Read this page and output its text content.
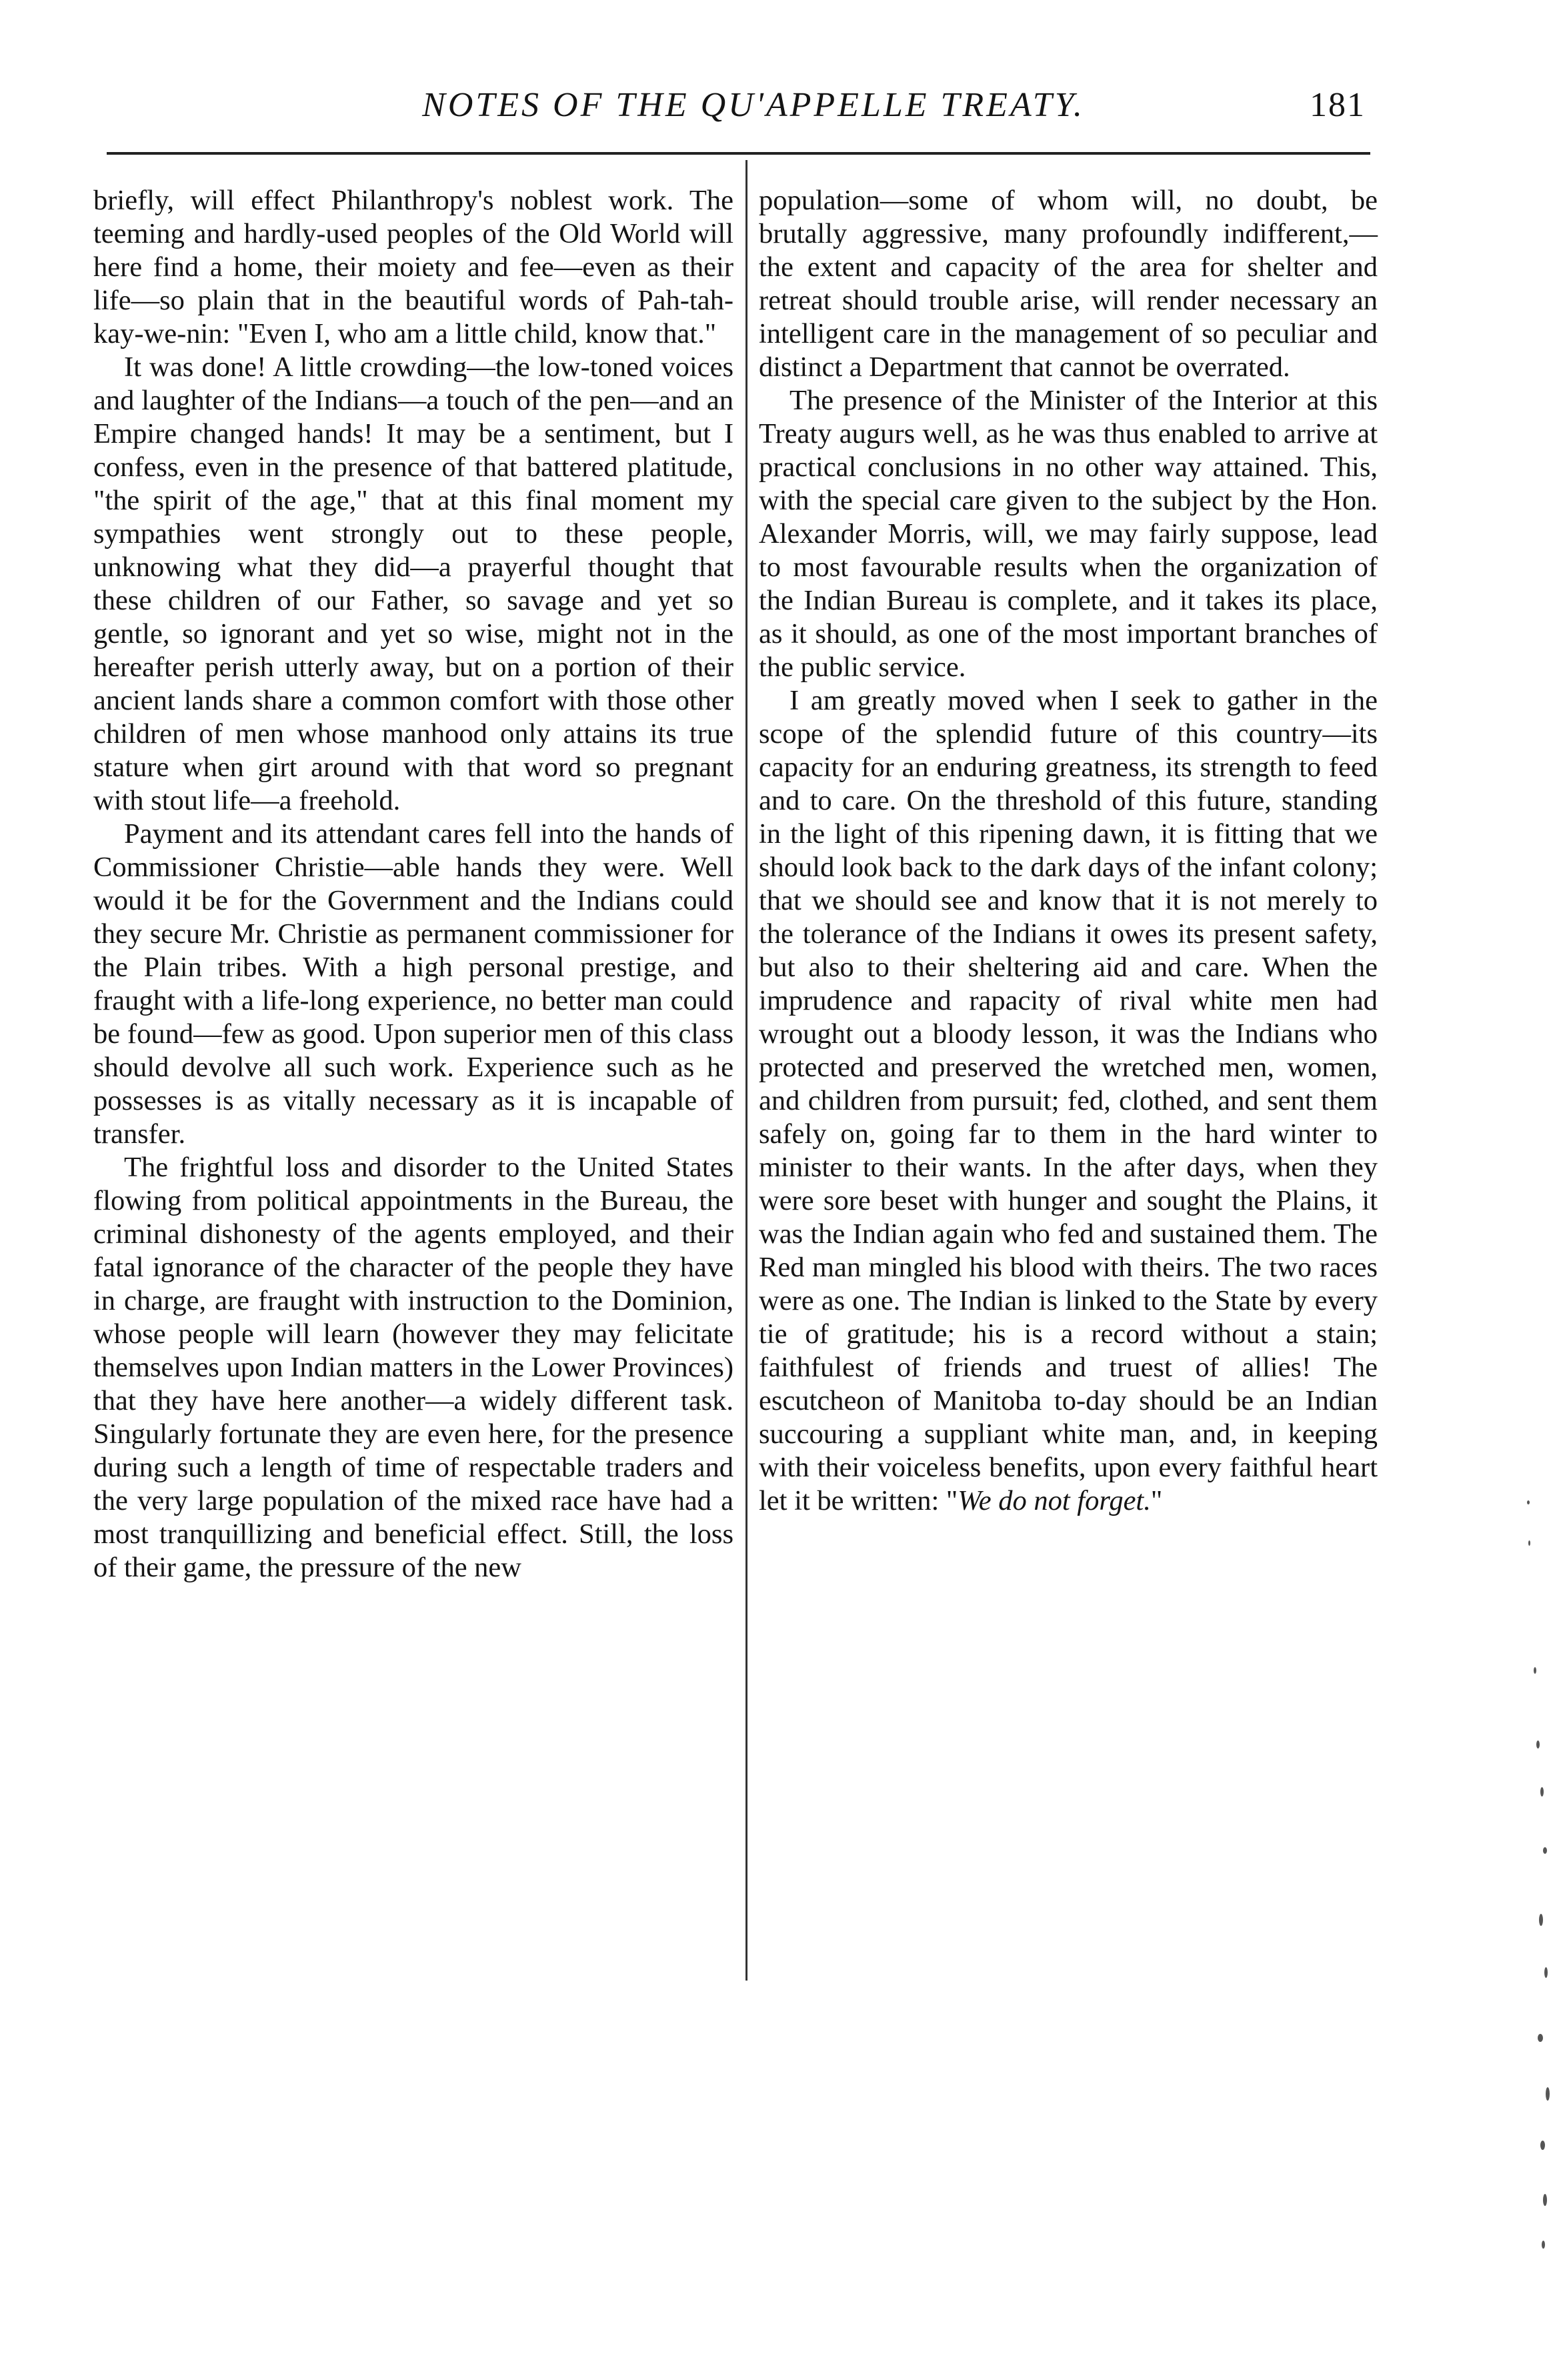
NOTES OF THE QU'APPELLE TREATY.	181

briefly, will effect Philanthropy's noblest work. The teeming and hardly-used peoples of the Old World will here find a home, their moiety and fee—even as their life—so plain that in the beautiful words of Pah-tah-kay-we-nin: "Even I, who am a little child, know that."

It was done! A little crowding—the low-toned voices and laughter of the Indians—a touch of the pen—and an Empire changed hands! It may be a sentiment, but I confess, even in the presence of that battered platitude, "the spirit of the age," that at this final moment my sympathies went strongly out to these people, unknowing what they did—a prayerful thought that these children of our Father, so savage and yet so gentle, so ignorant and yet so wise, might not in the hereafter perish utterly away, but on a portion of their ancient lands share a common comfort with those other children of men whose manhood only attains its true stature when girt around with that word so pregnant with stout life—a freehold.

Payment and its attendant cares fell into the hands of Commissioner Christie—able hands they were. Well would it be for the Government and the Indians could they secure Mr. Christie as permanent commissioner for the Plain tribes. With a high personal prestige, and fraught with a life-long experience, no better man could be found—few as good. Upon superior men of this class should devolve all such work. Experience such as he possesses is as vitally necessary as it is incapable of transfer.

The frightful loss and disorder to the United States flowing from political appointments in the Bureau, the criminal dishonesty of the agents employed, and their fatal ignorance of the character of the people they have in charge, are fraught with instruction to the Dominion, whose people will learn (however they may felicitate themselves upon Indian matters in the Lower Provinces) that they have here another—a widely different task. Singularly fortunate they are even here, for the presence during such a length of time of respectable traders and the very large population of the mixed race have had a most tranquillizing and beneficial effect. Still, the loss of their game, the pressure of the new

population—some of whom will, no doubt, be brutally aggressive, many profoundly indifferent,—the extent and capacity of the area for shelter and retreat should trouble arise, will render necessary an intelligent care in the management of so peculiar and distinct a Department that cannot be overrated.

The presence of the Minister of the Interior at this Treaty augurs well, as he was thus enabled to arrive at practical conclusions in no other way attained. This, with the special care given to the subject by the Hon. Alexander Morris, will, we may fairly suppose, lead to most favourable results when the organization of the Indian Bureau is complete, and it takes its place, as it should, as one of the most important branches of the public service.

I am greatly moved when I seek to gather in the scope of the splendid future of this country—its capacity for an enduring greatness, its strength to feed and to care. On the threshold of this future, standing in the light of this ripening dawn, it is fitting that we should look back to the dark days of the infant colony; that we should see and know that it is not merely to the tolerance of the Indians it owes its present safety, but also to their sheltering aid and care. When the imprudence and rapacity of rival white men had wrought out a bloody lesson, it was the Indians who protected and preserved the wretched men, women, and children from pursuit; fed, clothed, and sent them safely on, going far to them in the hard winter to minister to their wants. In the after days, when they were sore beset with hunger and sought the Plains, it was the Indian again who fed and sustained them. The Red man mingled his blood with theirs. The two races were as one. The Indian is linked to the State by every tie of gratitude; his is a record without a stain; faithfulest of friends and truest of allies! The escutcheon of Manitoba to-day should be an Indian succouring a suppliant white man, and, in keeping with their voiceless benefits, upon every faithful heart let it be written: "We do not forget."
